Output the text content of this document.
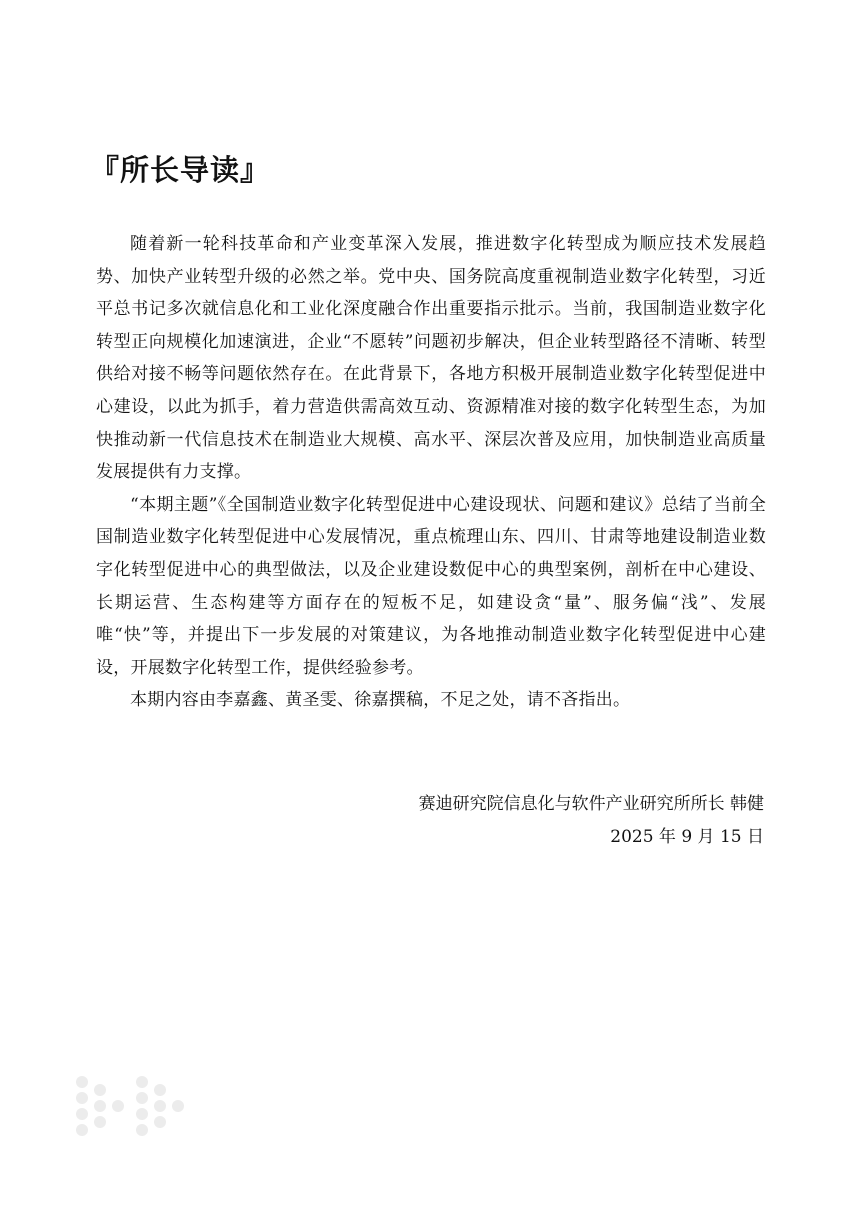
『所长导读』

随着新一轮科技革命和产业变革深入发展，推进数字化转型成为顺应技术发展趋势、加快产业转型升级的必然之举。党中央、国务院高度重视制造业数字化转型，习近平总书记多次就信息化和工业化深度融合作出重要指示批示。当前，我国制造业数字化转型正向规模化加速演进，企业“不愿转”问题初步解决，但企业转型路径不清晰、转型供给对接不畅等问题依然存在。在此背景下，各地方积极开展制造业数字化转型促进中心建设，以此为抓手，着力营造供需高效互动、资源精准对接的数字化转型生态，为加快推动新一代信息技术在制造业大规模、高水平、深层次普及应用，加快制造业高质量发展提供有力支撑。

“本期主题”《全国制造业数字化转型促进中心建设现状、问题和建议》总结了当前全国制造业数字化转型促进中心发展情况，重点梳理山东、四川、甘肃等地建设制造业数字化转型促进中心的典型做法，以及企业建设数促中心的典型案例，剖析在中心建设、长期运营、生态构建等方面存在的短板不足，如建设贪“量”、服务偏“浅”、发展唯“快”等，并提出下一步发展的对策建议，为各地推动制造业数字化转型促进中心建设，开展数字化转型工作，提供经验参考。

本期内容由李嘉鑫、黄圣雯、徐嘉撰稿，不足之处，请不吝指出。

赛迪研究院信息化与软件产业研究所所长 韩健
2025 年 9 月 15 日
